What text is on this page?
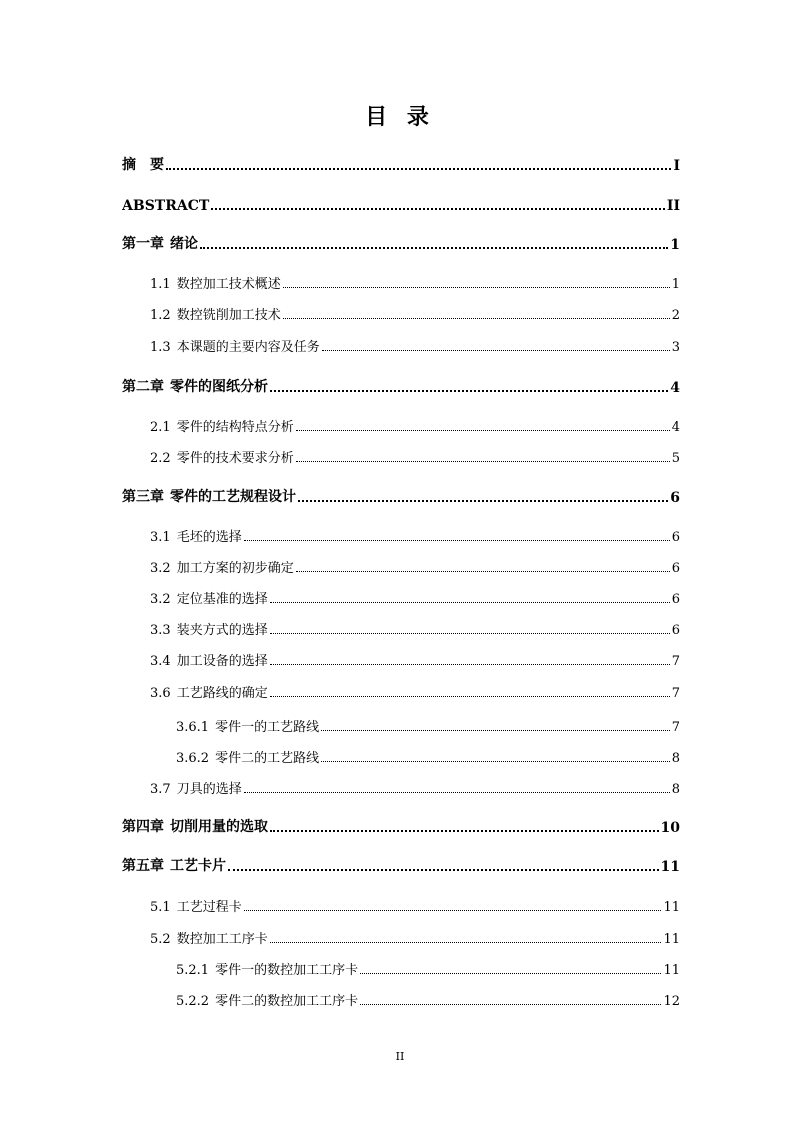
目 录
摘　要	I
ABSTRACT	II
第一章 绪论	1
1.1 数控加工技术概述	1
1.2 数控铣削加工技术	2
1.3 本课题的主要内容及任务	3
第二章 零件的图纸分析	4
2.1 零件的结构特点分析	4
2.2 零件的技术要求分析	5
第三章 零件的工艺规程设计	6
3.1 毛坯的选择	6
3.2 加工方案的初步确定	6
3.2 定位基准的选择	6
3.3 装夹方式的选择	6
3.4 加工设备的选择	7
3.6 工艺路线的确定	7
3.6.1 零件一的工艺路线	7
3.6.2 零件二的工艺路线	8
3.7 刀具的选择	8
第四章 切削用量的选取	10
第五章 工艺卡片	11
5.1 工艺过程卡	11
5.2 数控加工工序卡	11
5.2.1 零件一的数控加工工序卡	11
5.2.2 零件二的数控加工工序卡	12
II
